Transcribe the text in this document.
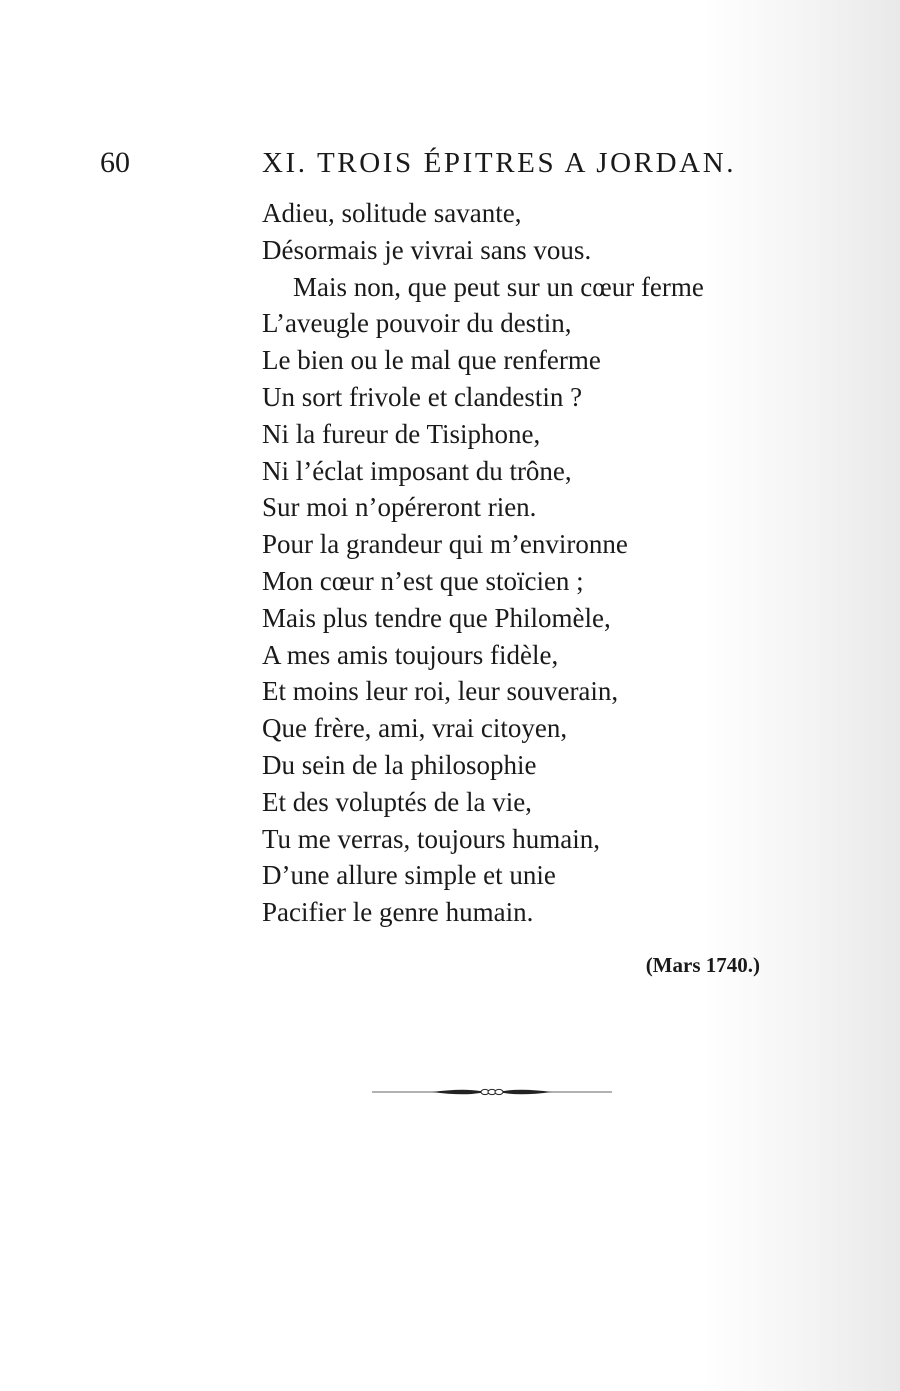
60	XI. TROIS ÉPITRES A JORDAN.
Adieu, solitude savante,
Désormais je vivrai sans vous.
Mais non, que peut sur un cœur ferme
L’aveugle pouvoir du destin,
Le bien ou le mal que renferme
Un sort frivole et clandestin ?
Ni la fureur de Tisiphone,
Ni l’éclat imposant du trône,
Sur moi n’opéreront rien.
Pour la grandeur qui m’environne
Mon cœur n’est que stoïcien ;
Mais plus tendre que Philomèle,
A mes amis toujours fidèle,
Et moins leur roi, leur souverain,
Que frère, ami, vrai citoyen,
Du sein de la philosophie
Et des voluptés de la vie,
Tu me verras, toujours humain,
D’une allure simple et unie
Pacifier le genre humain.

(Mars 1740.)
